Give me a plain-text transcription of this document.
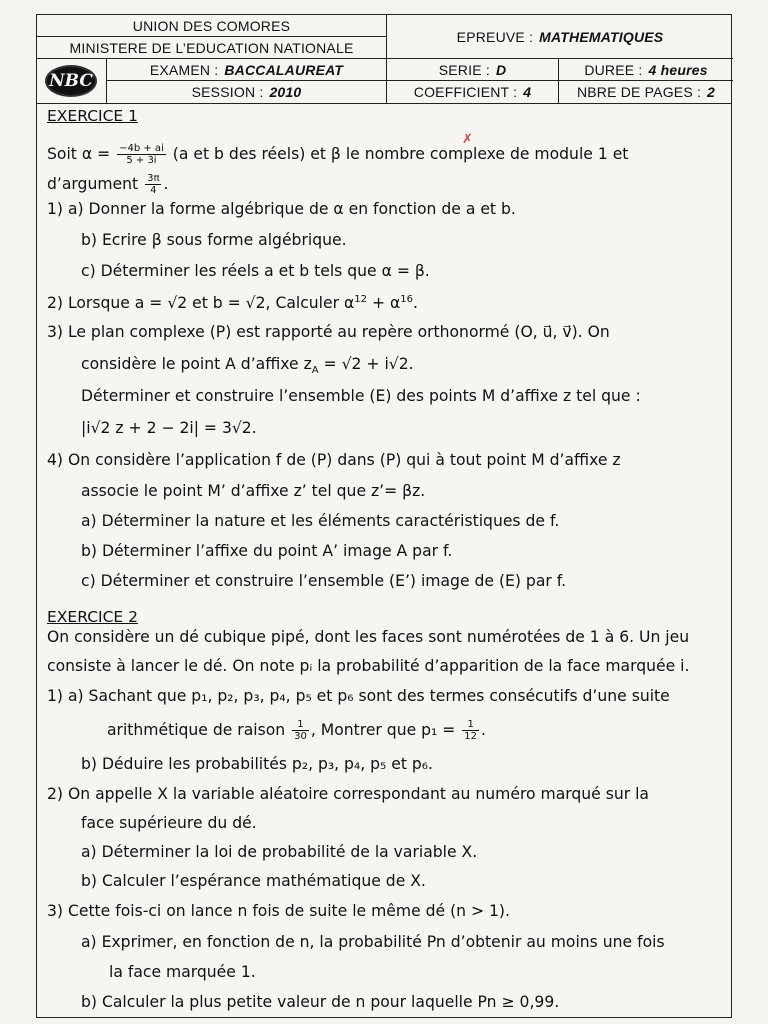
UNION DES COMORES
MINISTERE DE L’EDUCATION NATIONALE
NBC
EXAMEN : BACCALAUREAT
SESSION : 2010
EPREUVE : MATHEMATIQUES
SERIE : D	DUREE : 4 heures
COEFFICIENT : 4	NBRE DE PAGES : 2
✗
EXERCICE 1
Soit $\alpha = \frac{-4b + ai}{5 + 3i} (a$ et b des réels) et β le nombre complexe de module 1 et
d’argument $\frac{3\pi}{4}$ .
1) a) Donner la forme algébrique de α en fonction de a et b.
b) Ecrire β sous forme algébrique.
c) Déterminer les réels a et b tels que α = β.
2) Lorsque a = √2 et b = √2, Calculer $\alpha^{12} + \alpha^{16}$.
3) Le plan complexe (P) est rapporté au repère orthonormé (O, u⃗, v⃗). On
considère le point A d’affixe $z_A = √2 + i√2$.
Déterminer et construire l’ensemble (E) des points M d’affixe z tel que :
|i√2 z + 2 − 2i| = 3√2.
4) On considère l’application f de (P) dans (P) qui à tout point M d’affixe z
associe le point M’ d’affixe z’ tel que z’= βz.
a) Déterminer la nature et les éléments caractéristiques de f.
b) Déterminer l’affixe du point A’ image A par f.
c) Déterminer et construire l’ensemble (E’) image de (E) par f.
EXERCICE 2
On considère un dé cubique pipé, dont les faces sont numérotées de 1 à 6. Un jeu
consiste à lancer le dé. On note pᵢ la probabilité d’apparition de la face marquée i.
1) a) Sachant que p₁, p₂, p₃, p₄, p₅ et p₆ sont des termes consécutifs d’une suite
arithmétique de raison $\frac{1}{30}$ , Montrer que $p_1 = \frac{1}{12}$ .
b) Déduire les probabilités p₂, p₃, p₄, p₅ et p₆.
2) On appelle X la variable aléatoire correspondant au numéro marqué sur la
face supérieure du dé.
a) Déterminer la loi de probabilité de la variable X.
b) Calculer l’espérance mathématique de X.
3) Cette fois-ci on lance n fois de suite le même dé (n > 1).
a) Exprimer, en fonction de n, la probabilité Pn d’obtenir au moins une fois
la face marquée 1.
b) Calculer la plus petite valeur de n pour laquelle Pn ≥ 0,99.
